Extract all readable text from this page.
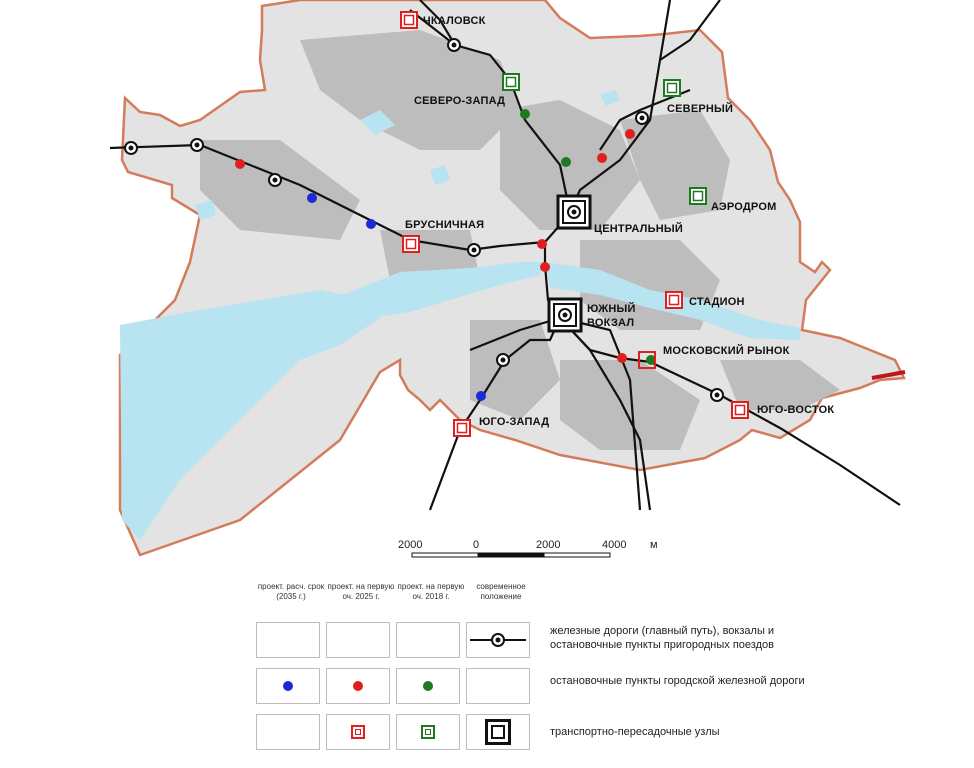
ЧКАЛОВСК
СЕВЕРО-ЗАПАД
СЕВЕРНЫЙ
АЭРОДРОМ
ЦЕНТРАЛЬНЫЙ
БРУСНИЧНАЯ
СТАДИОН
ЮЖНЫЙ
ВОКЗАЛ
МОСКОВСКИЙ РЫНОК
ЮГО-ВОСТОК
ЮГО-ЗАПАД
2000	0	2000	4000 м
проект. расч. срок (2035 г.)
проект. на первую оч. 2025 г.
проект. на первую оч. 2018 г.
современное положение
железные дороги (главный путь), вокзалы и остановочные пункты пригородных поездов
остановочные пункты городской железной дороги
транспортно-пересадочные узлы
